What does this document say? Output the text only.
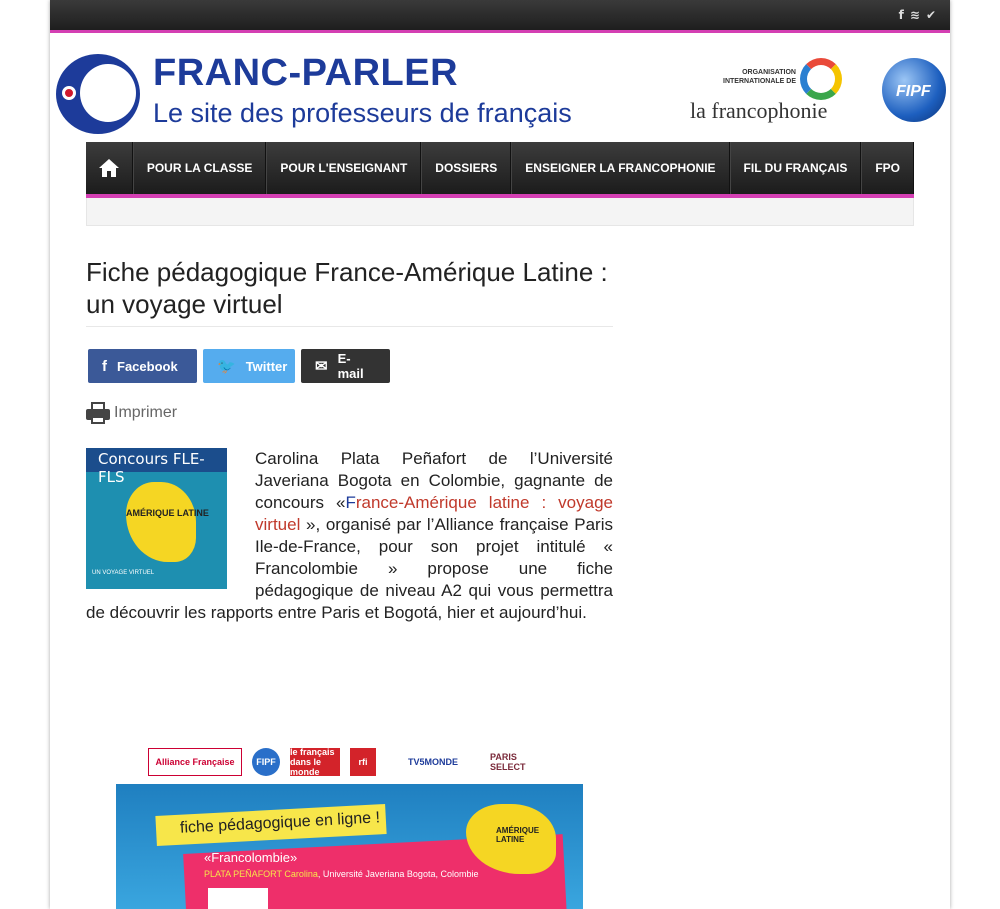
f ≋ ✔
FRANC-PARLER
Le site des professeurs de français
ORGANISATION INTERNATIONALE DE
la francophonie
FIPF
POUR LA CLASSE	POUR L'ENSEIGNANT	DOSSIERS	ENSEIGNER LA FRANCOPHONIE	FIL DU FRANÇAIS	FPO
Fiche pédagogique France-Amérique Latine : un voyage virtuel
f Facebook	🐦 Twitter ✉ E-mail
Imprimer
Carolina Plata Peñafort de l’Université Javeriana Bogota en Colombie, gagnante de concours «France-Amérique latine : voyage virtuel », organisé par l’Alliance française Paris Ile-de-France, pour son projet intitulé « Francolombie » propose une fiche pédagogique de niveau A2 qui vous permettra de découvrir les rapports entre Paris et Bogotá, hier et aujourd’hui.
Concours FLE-FLS
AMÉRIQUE LATINE
UN VOYAGE VIRTUEL
Alliance Française	FIPF
le français dans le monde
rfi	TV5MONDE	PARIS SELECT
fiche pédagogique en ligne !
«Francolombie»
PLATA PEÑAFORT Carolina, Université Javeriana Bogota, Colombie
AMÉRIQUE LATINE
